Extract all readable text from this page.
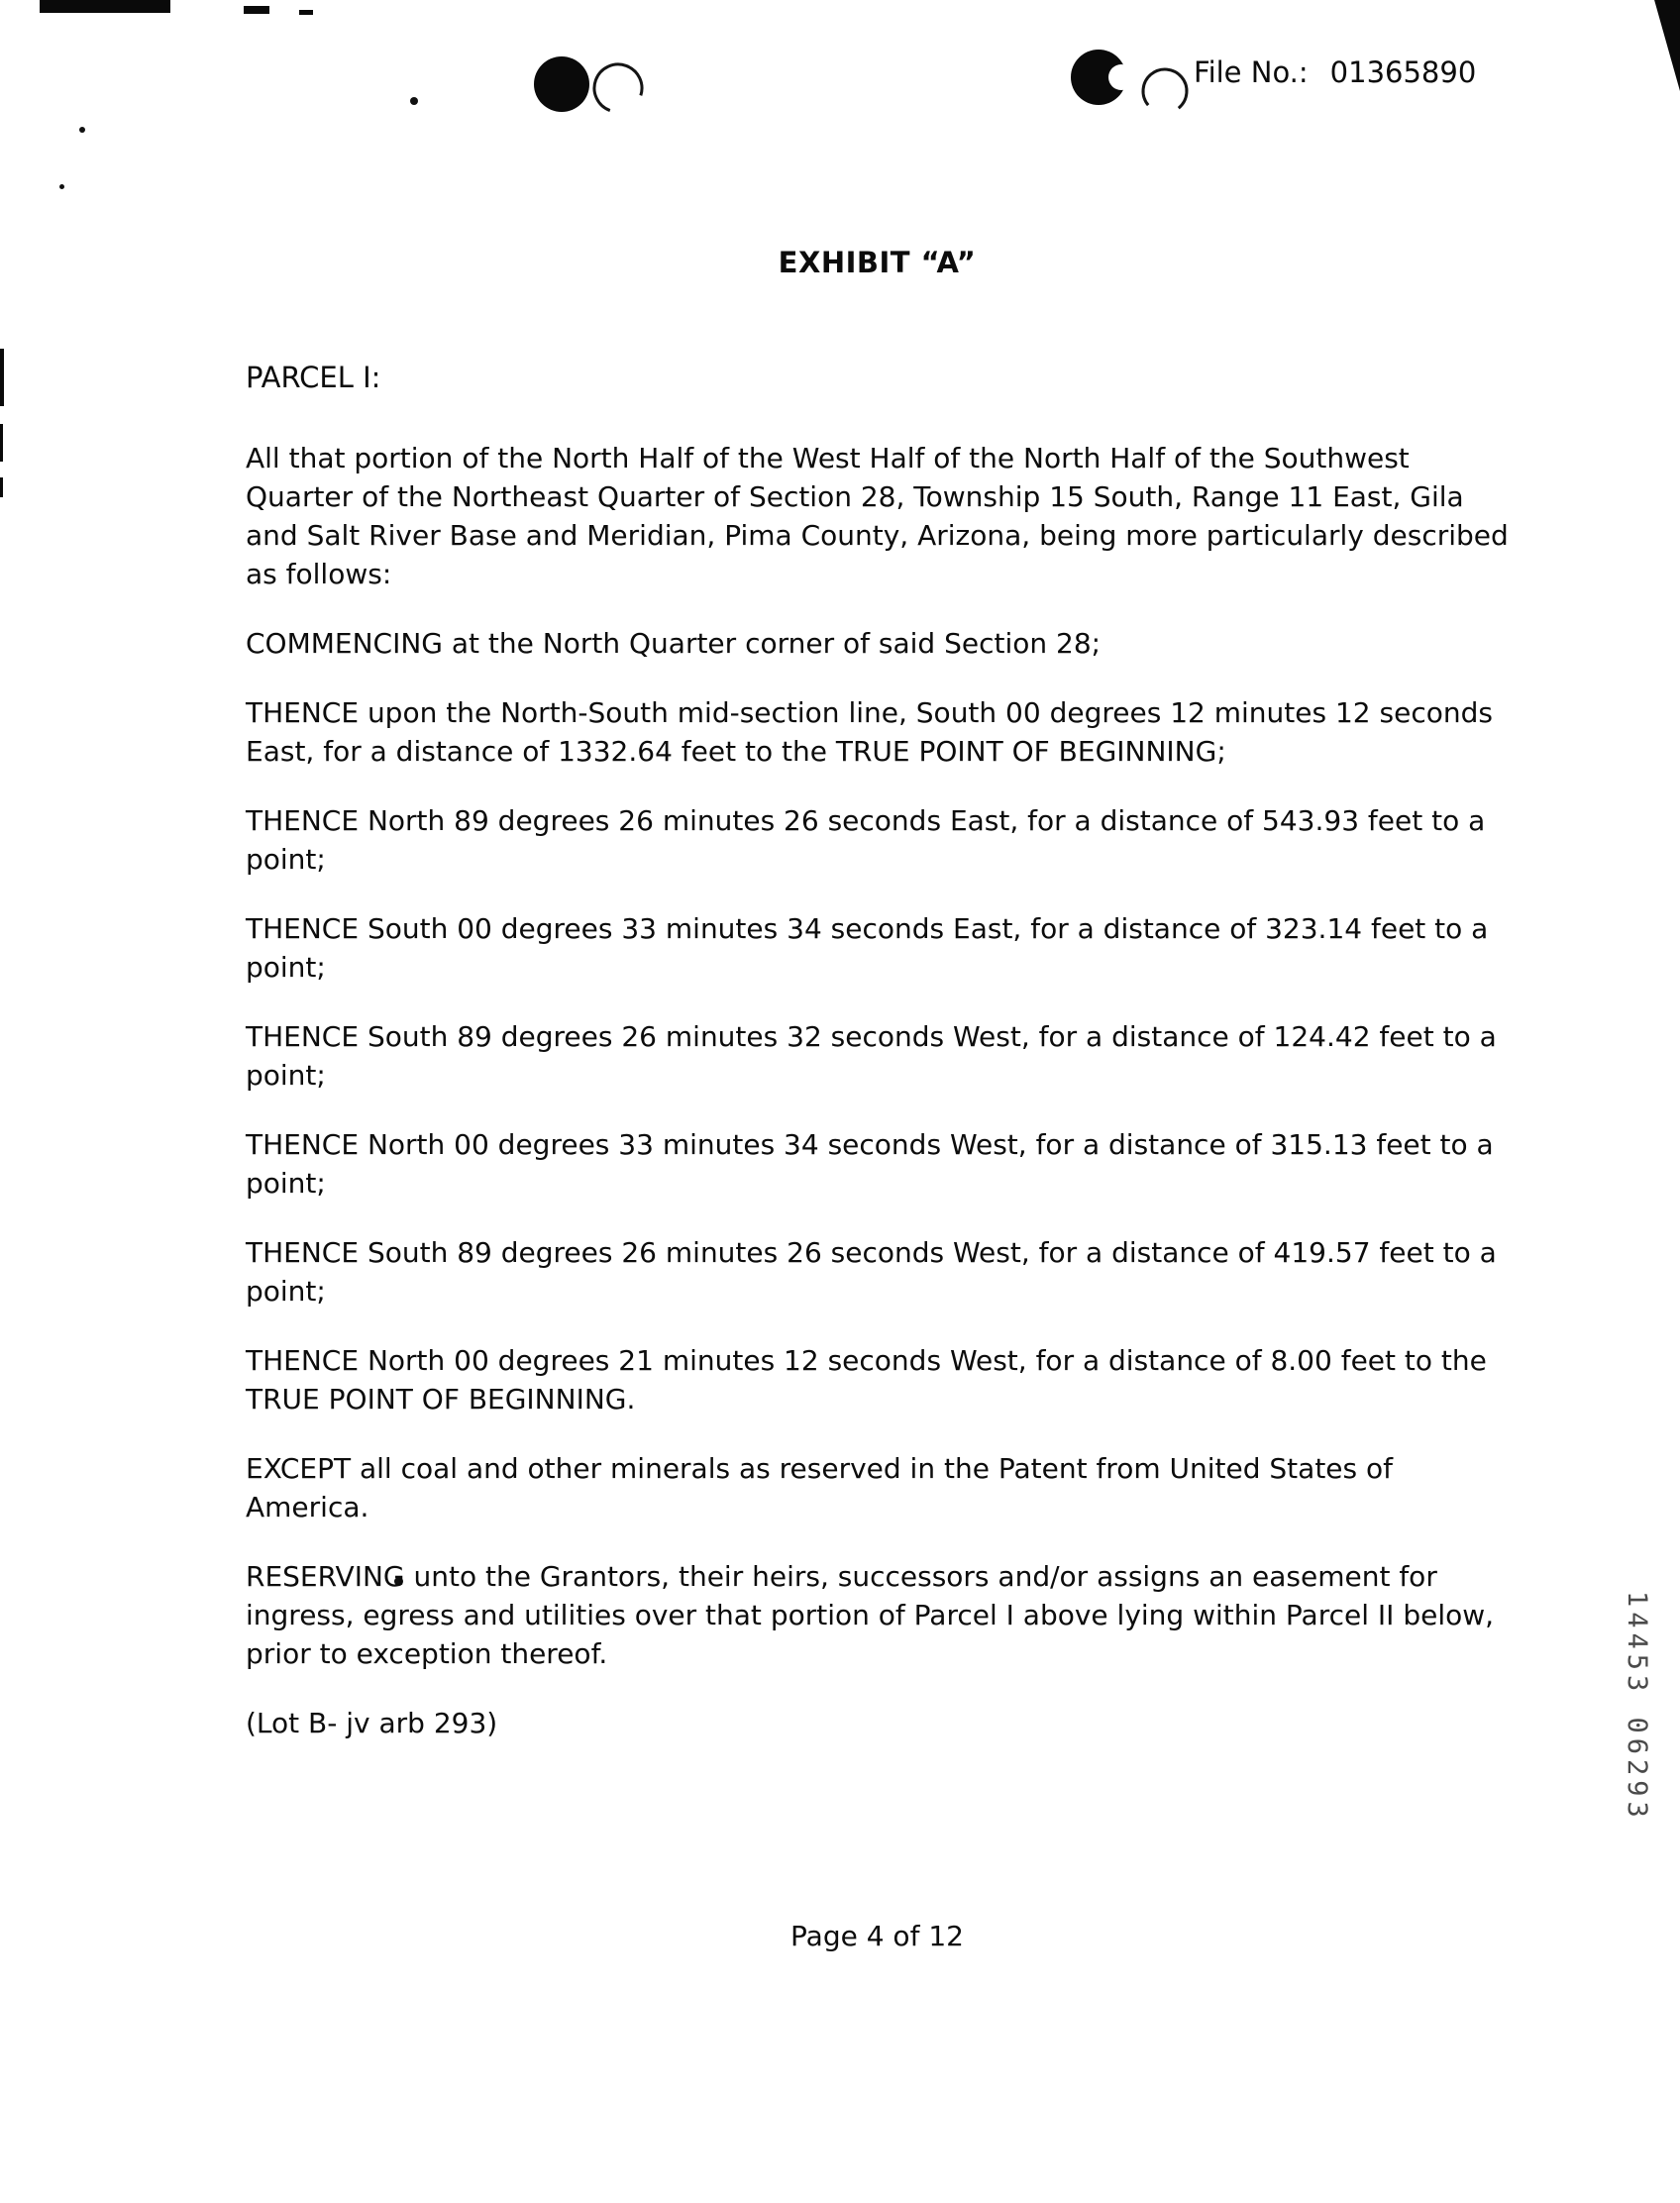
File No.: 01365890
EXHIBIT “A”
PARCEL I:

All that portion of the North Half of the West Half of the North Half of the Southwest Quarter of the Northeast Quarter of Section 28, Township 15 South, Range 11 East, Gila and Salt River Base and Meridian, Pima County, Arizona, being more particularly described as follows:

COMMENCING at the North Quarter corner of said Section 28;

THENCE upon the North-South mid-section line, South 00 degrees 12 minutes 12 seconds East, for a distance of 1332.64 feet to the TRUE POINT OF BEGINNING;

THENCE North 89 degrees 26 minutes 26 seconds East, for a distance of 543.93 feet to a point;

THENCE South 00 degrees 33 minutes 34 seconds East, for a distance of 323.14 feet to a point;

THENCE South 89 degrees 26 minutes 32 seconds West, for a distance of 124.42 feet to a point;

THENCE North 00 degrees 33 minutes 34 seconds West, for a distance of 315.13 feet to a point;

THENCE South 89 degrees 26 minutes 26 seconds West, for a distance of 419.57 feet to a point;

THENCE North 00 degrees 21 minutes 12 seconds West, for a distance of 8.00 feet to the TRUE POINT OF BEGINNING.

EXCEPT all coal and other minerals as reserved in the Patent from United States of America.

RESERVING unto the Grantors, their heirs, successors and/or assigns an easement for ingress, egress and utilities over that portion of Parcel I above lying within Parcel II below, prior to exception thereof.

(Lot B- jv arb 293)

Page 4 of 12
14453 06293
